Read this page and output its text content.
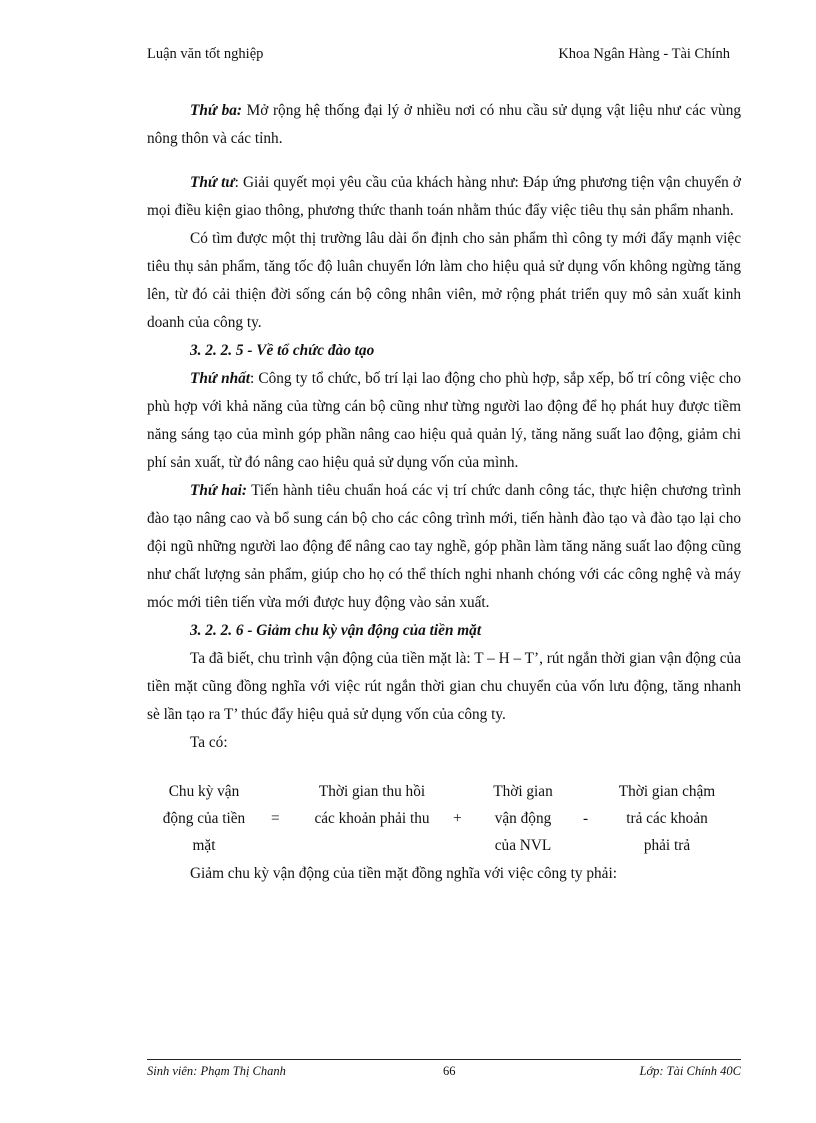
Luận văn tốt nghiệp	Khoa Ngân Hàng - Tài Chính

Thứ ba: Mở rộng hệ thống đại lý ở nhiều nơi có nhu cầu sử dụng vật liệu như các vùng nông thôn và các tỉnh.

Thứ tư: Giải quyết mọi yêu cầu của khách hàng như: Đáp ứng phương tiện vận chuyển ở mọi điều kiện giao thông, phương thức thanh toán nhằm thúc đẩy việc tiêu thụ sản phẩm nhanh.

Có tìm được một thị trường lâu dài ổn định cho sản phẩm thì công ty mới đẩy mạnh việc tiêu thụ sản phẩm, tăng tốc độ luân chuyển lớn làm cho hiệu quả sử dụng vốn không ngừng tăng lên, từ đó cải thiện đời sống cán bộ công nhân viên, mở rộng phát triển quy mô sản xuất kinh doanh của công ty.

3. 2. 2. 5 - Về tổ chức đào tạo

Thứ nhất: Công ty tổ chức, bố trí lại lao động cho phù hợp, sắp xếp, bố trí công việc cho phù hợp với khả năng của từng cán bộ cũng như từng người lao động để họ phát huy được tiềm năng sáng tạo của mình góp phần nâng cao hiệu quả quản lý, tăng năng suất lao động, giảm chi phí sản xuất, từ đó nâng cao hiệu quả sử dụng vốn của mình.

Thứ hai: Tiến hành tiêu chuẩn hoá các vị trí chức danh công tác, thực hiện chương trình đào tạo nâng cao và bổ sung cán bộ cho các công trình mới, tiến hành đào tạo và đào tạo lại cho đội ngũ những người lao động để nâng cao tay nghề, góp phần làm tăng năng suất lao động cũng như chất lượng sản phẩm, giúp cho họ có thể thích nghi nhanh chóng với các công nghệ và máy móc mới tiên tiến vừa mới được huy động vào sản xuất.

3. 2. 2. 6 - Giảm chu kỳ vận động của tiền mặt

Ta đã biết, chu trình vận động của tiền mặt là: T – H – T’, rút ngắn thời gian vận động của tiền mặt cũng đồng nghĩa với việc rút ngắn thời gian chu chuyển của vốn lưu động, tăng nhanh sè lần tạo ra T’ thúc đẩy hiệu quả sử dụng vốn của công ty.

Ta có:

Chu kỳ vận
động của tiền
mặt
=
Thời gian thu hồi
các khoản phải thu	+
Thời gian
vận động
của NVL
-
Thời gian chậm
trả các khoản
phải trả

Giảm chu kỳ vận động của tiền mặt đồng nghĩa với việc công ty phải:

Sinh viên: Phạm Thị Chanh	66	Lớp: Tài Chính 40C
